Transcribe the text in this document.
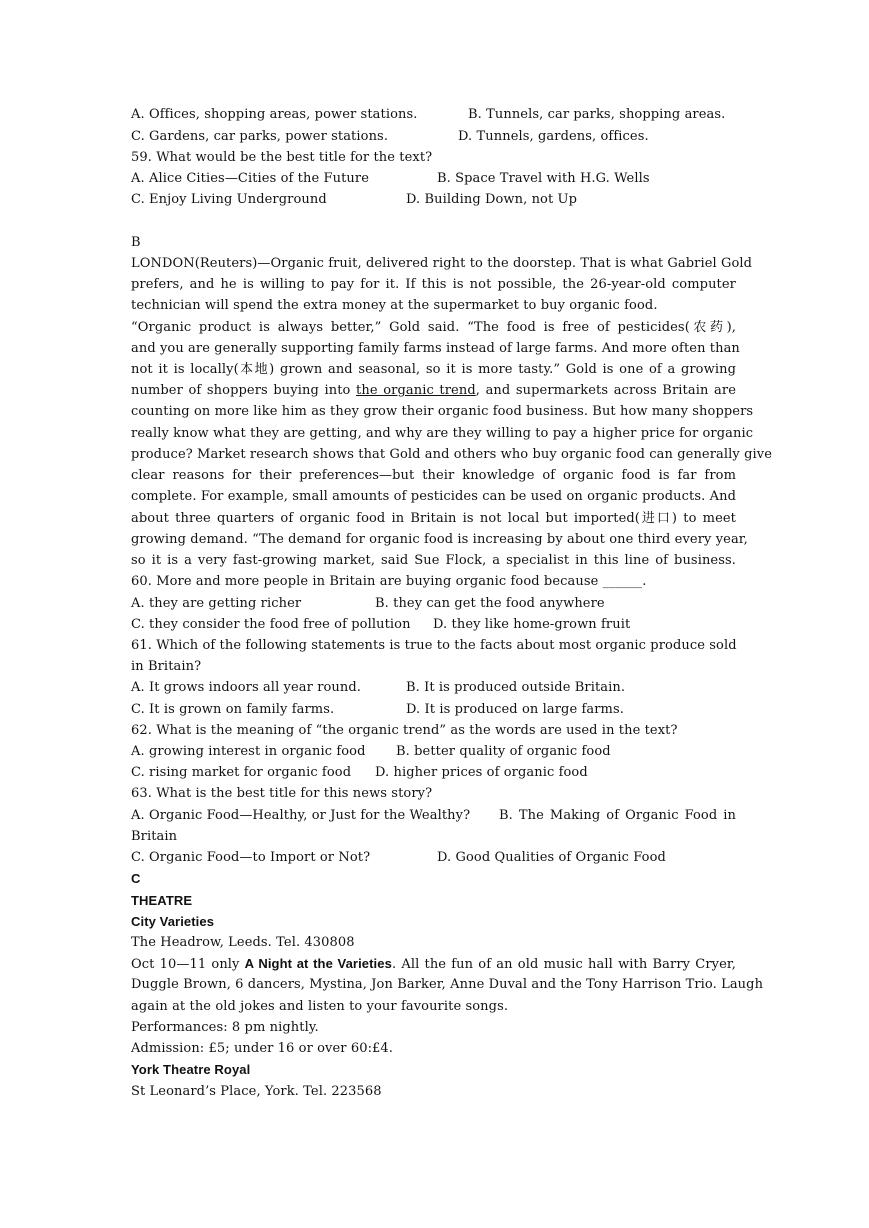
A. Offices, shopping areas, power stations.	B. Tunnels, car parks, shopping areas.
C. Gardens, car parks, power stations.	D. Tunnels, gardens, offices.
59. What would be the best title for the text?
A. Alice Cities—Cities of the Future	B. Space Travel with H.G. Wells
C. Enjoy Living Underground	D. Building Down, not Up
B
LONDON(Reuters)—Organic fruit, delivered right to the doorstep. That is what Gabriel Gold
prefers, and he is willing to pay for it. If this is not possible, the 26-year-old computer
technician will spend the extra money at the supermarket to buy organic food.
“Organic product is always better,” Gold said. “The food is free of pesticides(农药),
and you are generally supporting family farms instead of large farms. And more often than
not it is locally(本地) grown and seasonal, so it is more tasty.” Gold is one of a growing
number of shoppers buying into the organic trend, and supermarkets across Britain are
counting on more like him as they grow their organic food business. But how many shoppers
really know what they are getting, and why are they willing to pay a higher price for organic
produce? Market research shows that Gold and others who buy organic food can generally give
clear reasons for their preferences—but their knowledge of organic food is far from
complete. For example, small amounts of pesticides can be used on organic products. And
about three quarters of organic food in Britain is not local but imported(进口) to meet
growing demand. “The demand for organic food is increasing by about one third every year,
so it is a very fast-growing market, said Sue Flock, a specialist in this line of business.
60. More and more people in Britain are buying organic food because ______.
A. they are getting richer	B. they can get the food anywhere
C. they consider the food free of pollution D. they like home-grown fruit
61. Which of the following statements is true to the facts about most organic produce sold
in Britain?
A. It grows indoors all year round.	B. It is produced outside Britain.
C. It is grown on family farms.	D. It is produced on large farms.
62. What is the meaning of “the organic trend” as the words are used in the text?
A. growing interest in organic food B. better quality of organic food
C. rising market for organic food D. higher prices of organic food
63. What is the best title for this news story?
A. Organic Food—Healthy, or Just for the Wealthy? B. The Making of Organic Food in
Britain
C. Organic Food—to Import or Not?	D. Good Qualities of Organic Food
C
THEATRE
City Varieties
The Headrow, Leeds. Tel. 430808
Oct 10—11 only A Night at the Varieties. All the fun of an old music hall with Barry Cryer,
Duggle Brown, 6 dancers, Mystina, Jon Barker, Anne Duval and the Tony Harrison Trio. Laugh
again at the old jokes and listen to your favourite songs.
Performances: 8 pm nightly.
Admission: £5; under 16 or over 60:£4.
York Theatre Royal
St Leonard’s Place, York. Tel. 223568
